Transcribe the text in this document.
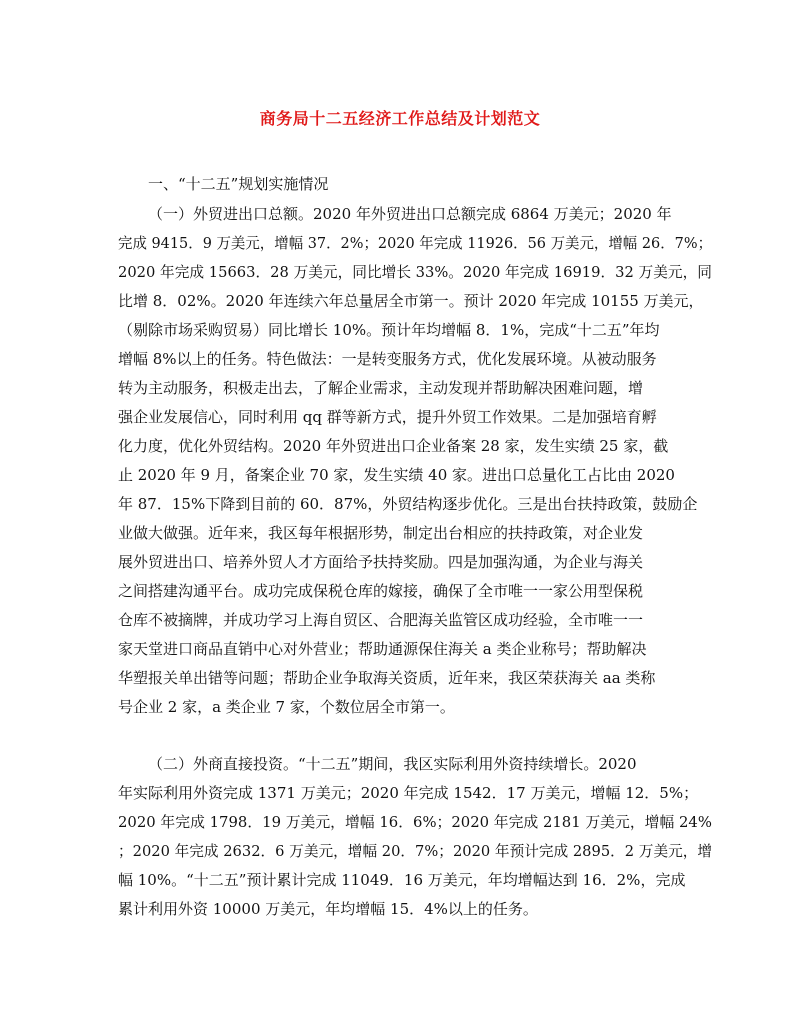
商务局十二五经济工作总结及计划范文
一、“十二五”规划实施情况
（一）外贸进出口总额。2020 年外贸进出口总额完成 6864 万美元；2020 年
完成 9415．9 万美元，增幅 37．2%；2020 年完成 11926．56 万美元，增幅 26．7%；
2020 年完成 15663．28 万美元，同比增长 33%。2020 年完成 16919．32 万美元，同
比增 8．02%。2020 年连续六年总量居全市第一。预计 2020 年完成 10155 万美元，
（剔除市场采购贸易）同比增长 10%。预计年均增幅 8．1%，完成“十二五”年均
增幅 8%以上的任务。特色做法：一是转变服务方式，优化发展环境。从被动服务
转为主动服务，积极走出去，了解企业需求，主动发现并帮助解决困难问题，增
强企业发展信心，同时利用 qq 群等新方式，提升外贸工作效果。二是加强培育孵
化力度，优化外贸结构。2020 年外贸进出口企业备案 28 家，发生实绩 25 家，截
止 2020 年 9 月，备案企业 70 家，发生实绩 40 家。进出口总量化工占比由 2020
年 87．15%下降到目前的 60．87%，外贸结构逐步优化。三是出台扶持政策，鼓励企
业做大做强。近年来，我区每年根据形势，制定出台相应的扶持政策，对企业发
展外贸进出口、培养外贸人才方面给予扶持奖励。四是加强沟通，为企业与海关
之间搭建沟通平台。成功完成保税仓库的嫁接，确保了全市唯一一家公用型保税
仓库不被摘牌，并成功学习上海自贸区、合肥海关监管区成功经验，全市唯一一
家天堂进口商品直销中心对外营业；帮助通源保住海关 a 类企业称号；帮助解决
华塑报关单出错等问题；帮助企业争取海关资质，近年来，我区荣获海关 aa 类称
号企业 2 家，a 类企业 7 家，个数位居全市第一。
（二）外商直接投资。“十二五”期间，我区实际利用外资持续增长。2020
年实际利用外资完成 1371 万美元；2020 年完成 1542．17 万美元，增幅 12．5%；
2020 年完成 1798．19 万美元，增幅 16．6%；2020 年完成 2181 万美元，增幅 24%
；2020 年完成 2632．6 万美元，增幅 20．7%；2020 年预计完成 2895．2 万美元，增
幅 10%。“十二五”预计累计完成 11049．16 万美元，年均增幅达到 16．2%，完成
累计利用外资 10000 万美元，年均增幅 15．4%以上的任务。
